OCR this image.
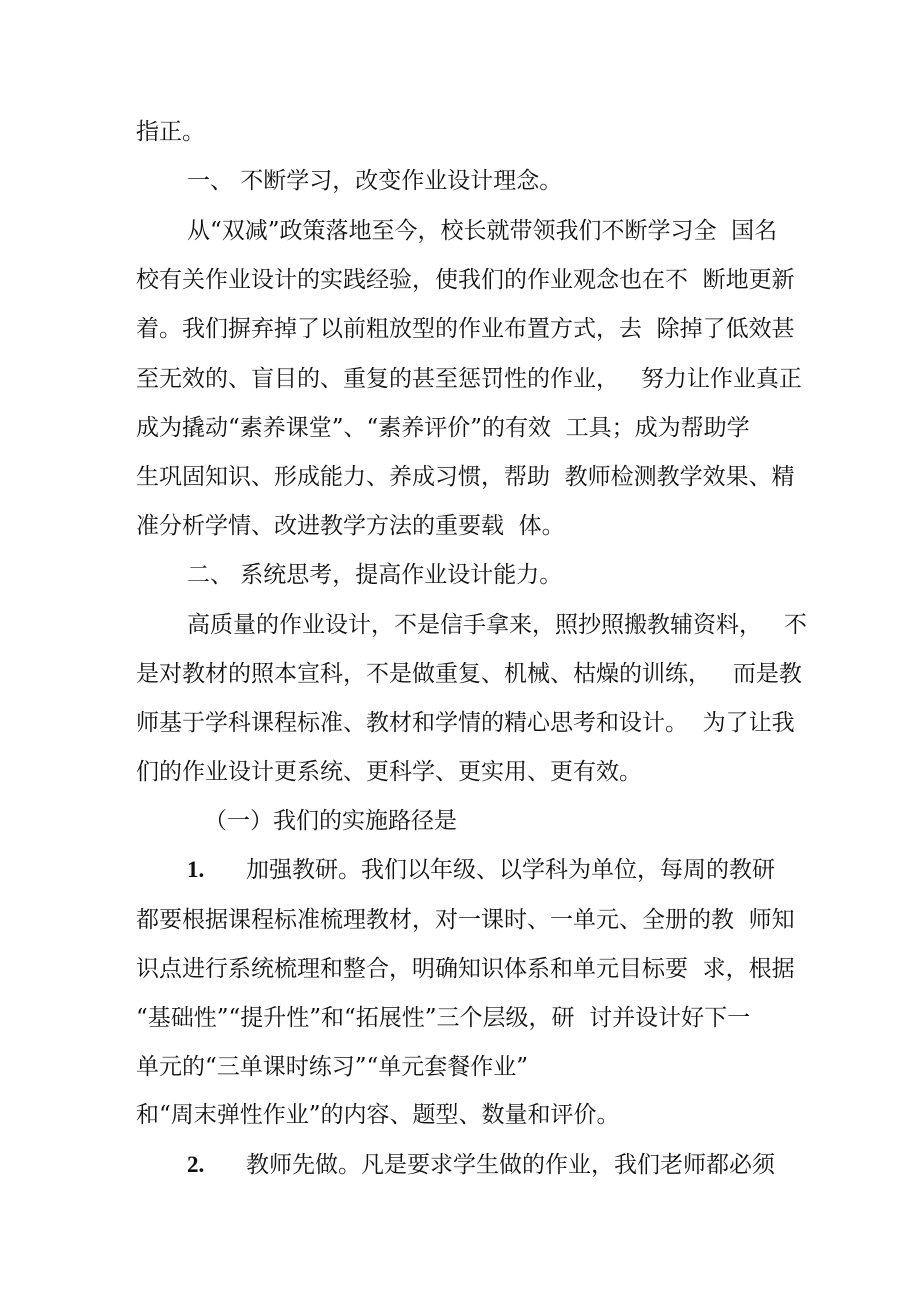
指正。
一、 不断学习，改变作业设计理念。
从“双减”政策落地至今，校长就带领我们不断学习全  国名
校有关作业设计的实践经验，使我们的作业观念也在不  断地更新
着。我们摒弃掉了以前粗放型的作业布置方式，去  除掉了低效甚
至无效的、盲目的、重复的甚至惩罚性的作业，   努力让作业真正
成为撬动“素养课堂”、“素养评价”的有效  工具；成为帮助学
生巩固知识、形成能力、养成习惯，帮助  教师检测教学效果、精
准分析学情、改进教学方法的重要载  体。
二、 系统思考，提高作业设计能力。
高质量的作业设计，不是信手拿来，照抄照搬教辅资料，   不
是对教材的照本宣科，不是做重复、机械、枯燥的训练，   而是教
师基于学科课程标准、教材和学情的精心思考和设计。  为了让我
们的作业设计更系统、更科学、更实用、更有效。
（一）我们的实施路径是
1. 加强教研。我们以年级、以学科为单位，每周的教研
都要根据课程标准梳理教材，对一课时、一单元、全册的教  师知
识点进行系统梳理和整合，明确知识体系和单元目标要  求，根据
“基础性”“提升性”和“拓展性”三个层级，研  讨并设计好下一
单元的“三单课时练习”“单元套餐作业”
和“周末弹性作业”的内容、题型、数量和评价。
2. 教师先做。凡是要求学生做的作业，我们老师都必须
